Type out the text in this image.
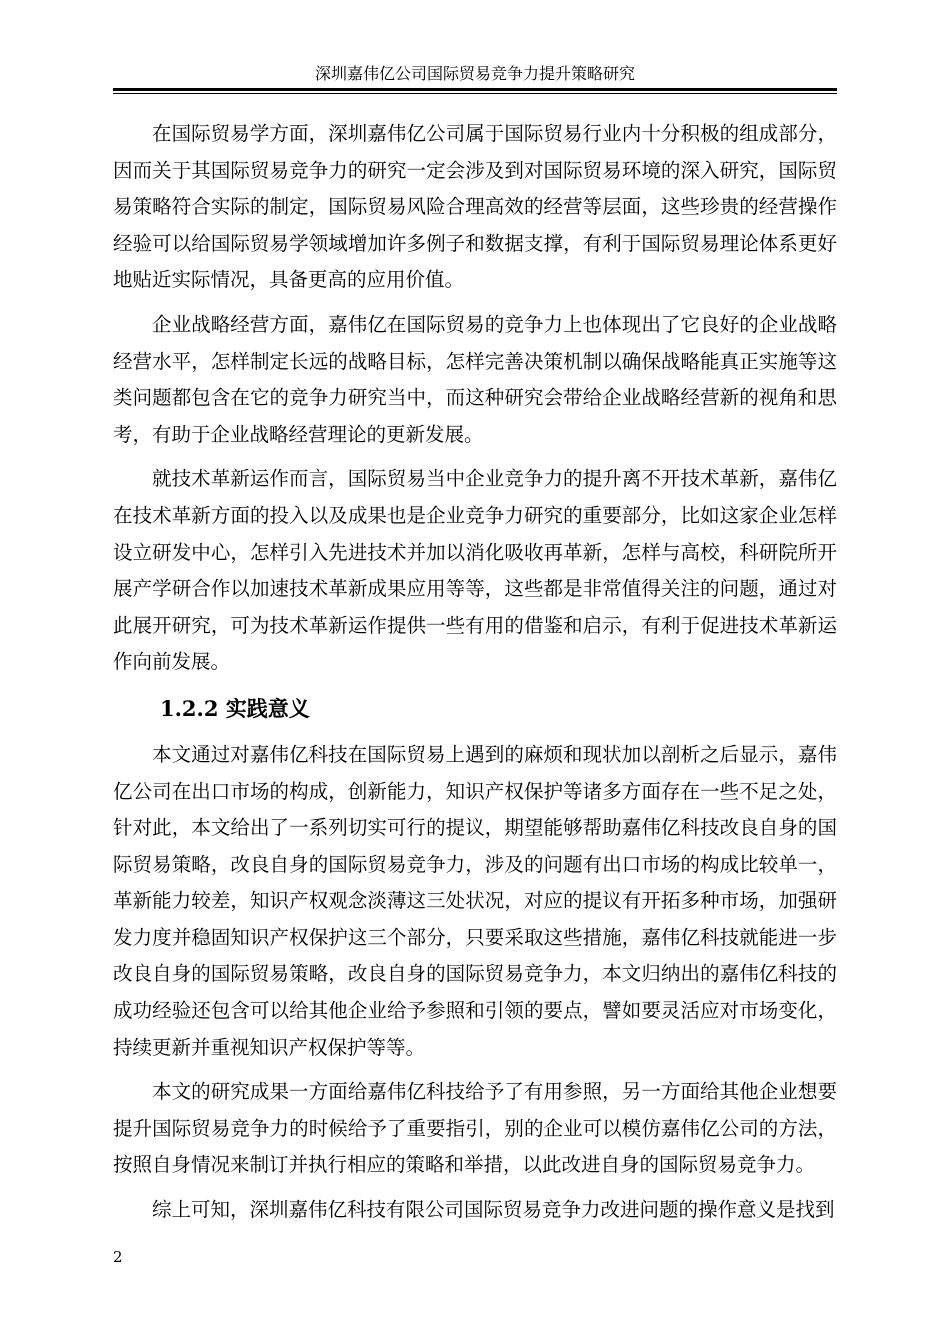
深圳嘉伟亿公司国际贸易竞争力提升策略研究

在国际贸易学方面，深圳嘉伟亿公司属于国际贸易行业内十分积极的组成部分，因而关于其国际贸易竞争力的研究一定会涉及到对国际贸易环境的深入研究，国际贸易策略符合实际的制定，国际贸易风险合理高效的经营等层面，这些珍贵的经营操作经验可以给国际贸易学领域增加许多例子和数据支撑，有利于国际贸易理论体系更好地贴近实际情况，具备更高的应用价值。

企业战略经营方面，嘉伟亿在国际贸易的竞争力上也体现出了它良好的企业战略经营水平，怎样制定长远的战略目标，怎样完善决策机制以确保战略能真正实施等这类问题都包含在它的竞争力研究当中，而这种研究会带给企业战略经营新的视角和思考，有助于企业战略经营理论的更新发展。

就技术革新运作而言，国际贸易当中企业竞争力的提升离不开技术革新，嘉伟亿在技术革新方面的投入以及成果也是企业竞争力研究的重要部分，比如这家企业怎样设立研发中心，怎样引入先进技术并加以消化吸收再革新，怎样与高校，科研院所开展产学研合作以加速技术革新成果应用等等，这些都是非常值得关注的问题，通过对此展开研究，可为技术革新运作提供一些有用的借鉴和启示，有利于促进技术革新运作向前发展。

1.2.2 实践意义

本文通过对嘉伟亿科技在国际贸易上遇到的麻烦和现状加以剖析之后显示，嘉伟亿公司在出口市场的构成，创新能力，知识产权保护等诸多方面存在一些不足之处，针对此，本文给出了一系列切实可行的提议，期望能够帮助嘉伟亿科技改良自身的国际贸易策略，改良自身的国际贸易竞争力，涉及的问题有出口市场的构成比较单一，革新能力较差，知识产权观念淡薄这三处状况，对应的提议有开拓多种市场，加强研发力度并稳固知识产权保护这三个部分，只要采取这些措施，嘉伟亿科技就能进一步改良自身的国际贸易策略，改良自身的国际贸易竞争力，本文归纳出的嘉伟亿科技的成功经验还包含可以给其他企业给予参照和引领的要点，譬如要灵活应对市场变化，持续更新并重视知识产权保护等等。

本文的研究成果一方面给嘉伟亿科技给予了有用参照，另一方面给其他企业想要提升国际贸易竞争力的时候给予了重要指引，别的企业可以模仿嘉伟亿公司的方法，按照自身情况来制订并执行相应的策略和举措，以此改进自身的国际贸易竞争力。

综上可知，深圳嘉伟亿科技有限公司国际贸易竞争力改进问题的操作意义是找到

2
